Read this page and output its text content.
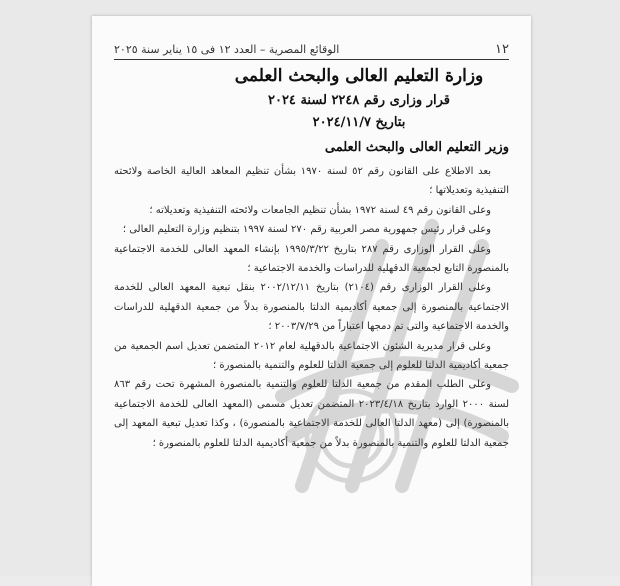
١٢
الوقائع المصرية – العدد ١٢ فى ١٥ يناير سنة ٢٠٢٥
وزارة التعليم العالى والبحث العلمى
قرار وزارى رقم ٢٢٤٨ لسنة ٢٠٢٤
بتاريخ ٢٠٢٤/١١/٧
وزير التعليم العالى والبحث العلمى

بعد الاطلاع على القانون رقم ٥٢ لسنة ١٩٧٠ بشأن تنظيم المعاهد العالية الخاصة ولائحته التنفيذية وتعديلاتها ؛

وعلى القانون رقم ٤٩ لسنة ١٩٧٢ بشأن تنظيم الجامعات ولائحته التنفيذية وتعديلاته ؛

وعلى قرار رئيس جمهورية مصر العربية رقم ٢٧٠ لسنة ١٩٩٧ بتنظيم وزارة التعليم العالى ؛

وعلى القرار الوزارى رقم ٢٨٧ بتاريخ ١٩٩٥/٣/٢٢ بإنشاء المعهد العالى للخدمة الاجتماعية بالمنصورة التابع لجمعية الدقهلية للدراسات والخدمة الاجتماعية ؛

وعلى القرار الوزارى رقم (٢١٠٤) بتاريخ ٢٠٠٢/١٢/١١ بنقل تبعية المعهد العالى للخدمة الاجتماعية بالمنصورة إلى جمعية أكاديمية الدلتا بالمنصورة بدلاً من جمعية الدقهلية للدراسات والخدمة الاجتماعية والتى تم دمجها اعتباراً من ٢٠٠٣/٧/٢٩ ؛

وعلى قرار مديرية الشئون الاجتماعية بالدقهلية لعام ٢٠١٢ المتضمن تعديل اسم الجمعية من جمعية أكاديمية الدلتا للعلوم إلى جمعية الدلتا للعلوم والتنمية بالمنصورة ؛

وعلى الطلب المقدم من جمعية الدلتا للعلوم والتنمية بالمنصورة المشهرة تحت رقم ٨٦٣ لسنة ٢٠٠٠ الوارد بتاريخ ٢٠٢٣/٤/١٨ المتضمن تعديل مسمى (المعهد العالى للخدمة الاجتماعية بالمنصورة) إلى (معهد الدلتا العالى للخدمة الاجتماعية بالمنصورة) ، وكذا تعديل تبعية المعهد إلى جمعية الدلتا للعلوم والتنمية بالمنصورة بدلاً من جمعية أكاديمية الدلتا للعلوم بالمنصورة ؛
